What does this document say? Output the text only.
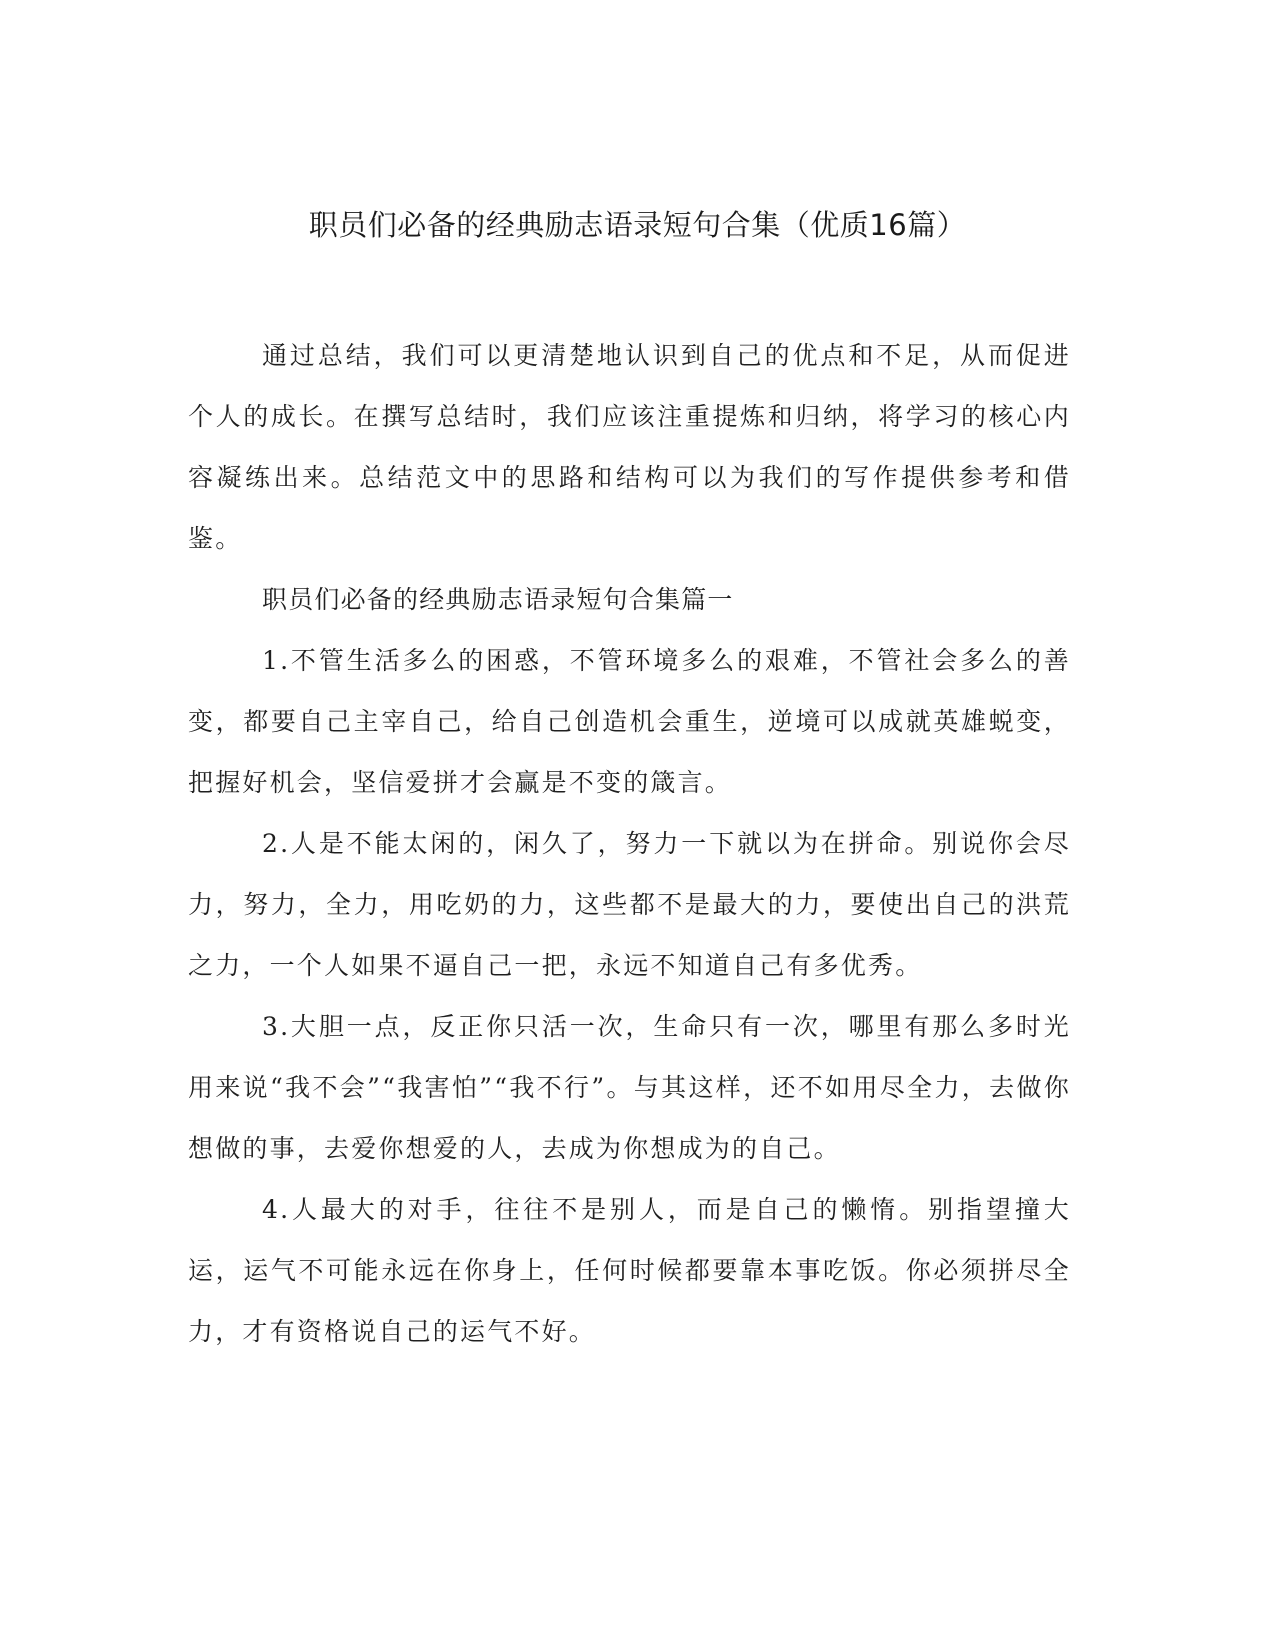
职员们必备的经典励志语录短句合集（优质16篇）

通过总结，我们可以更清楚地认识到自己的优点和不足，从而促进个人的成长。在撰写总结时，我们应该注重提炼和归纳，将学习的核心内容凝练出来。总结范文中的思路和结构可以为我们的写作提供参考和借鉴。

职员们必备的经典励志语录短句合集篇一

1.不管生活多么的困惑，不管环境多么的艰难，不管社会多么的善变，都要自己主宰自己，给自己创造机会重生，逆境可以成就英雄蜕变，把握好机会，坚信爱拼才会赢是不变的箴言。

2.人是不能太闲的，闲久了，努力一下就以为在拼命。别说你会尽力，努力，全力，用吃奶的力，这些都不是最大的力，要使出自己的洪荒之力，一个人如果不逼自己一把，永远不知道自己有多优秀。

3.大胆一点，反正你只活一次，生命只有一次，哪里有那么多时光用来说“我不会”“我害怕”“我不行”。与其这样，还不如用尽全力，去做你想做的事，去爱你想爱的人，去成为你想成为的自己。

4.人最大的对手，往往不是别人，而是自己的懒惰。别指望撞大运，运气不可能永远在你身上，任何时候都要靠本事吃饭。你必须拼尽全力，才有资格说自己的运气不好。
